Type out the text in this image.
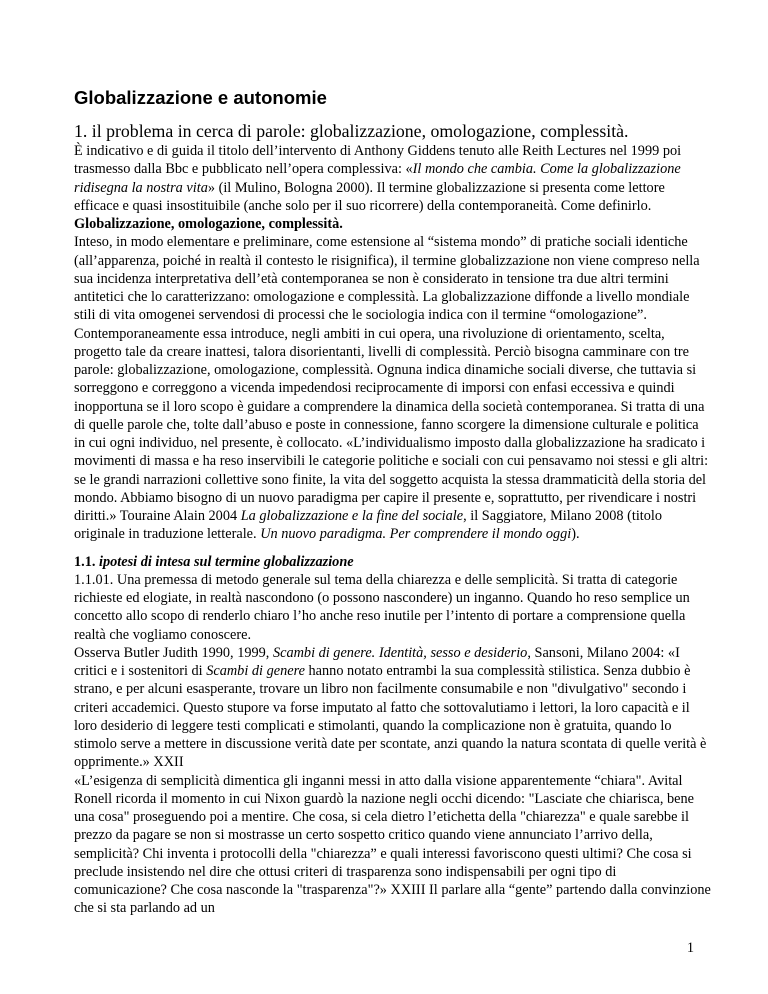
Globalizzazione e autonomie
1. il problema in cerca di parole: globalizzazione, omologazione, complessità.

È indicativo e di guida il titolo dell’intervento di Anthony Giddens tenuto alle Reith Lectures nel 1999 poi trasmesso dalla Bbc e pubblicato nell’opera complessiva: «Il mondo che cambia. Come la globalizzazione ridisegna la nostra vita» (il Mulino, Bologna 2000). Il termine globalizzazione si presenta come lettore efficace e quasi insostituibile (anche solo per il suo ricorrere) della contemporaneità. Come definirlo.

Globalizzazione, omologazione, complessità.

Inteso, in modo elementare e preliminare, come estensione al “sistema mondo” di pratiche sociali identiche (all’apparenza, poiché in realtà il contesto le risignifica), il termine globalizzazione non viene compreso nella sua incidenza interpretativa dell’età contemporanea se non è considerato in tensione tra due altri termini antitetici che lo caratterizzano: omologazione e complessità. La globalizzazione diffonde a livello mondiale stili di vita omogenei servendosi di processi che le sociologia indica con il termine “omologazione”. Contemporaneamente essa introduce, negli ambiti in cui opera, una rivoluzione di orientamento, scelta, progetto tale da creare inattesi, talora disorientanti, livelli di complessità. Perciò bisogna camminare con tre parole: globalizzazione, omologazione, complessità. Ognuna indica dinamiche sociali diverse, che tuttavia si sorreggono e correggono a vicenda impedendosi reciprocamente di imporsi con enfasi eccessiva e quindi inopportuna se il loro scopo è guidare a comprendere la dinamica della società contemporanea. Si tratta di una di quelle parole che, tolte dall’abuso e poste in connessione, fanno scorgere la dimensione culturale e politica in cui ogni individuo, nel presente, è collocato. «L’individualismo imposto dalla globalizzazione ha sradicato i movimenti di massa e ha reso inservibili le categorie politiche e sociali con cui pensavamo noi stessi e gli altri: se le grandi narrazioni collettive sono finite, la vita del soggetto acquista la stessa drammaticità della storia del mondo. Abbiamo bisogno di un nuovo paradigma per capire il presente e, soprattutto, per rivendicare i nostri diritti.» Touraine Alain 2004 La globalizzazione e la fine del sociale, il Saggiatore, Milano 2008 (titolo originale in traduzione letterale. Un nuovo paradigma. Per comprendere il mondo oggi).

1.1. ipotesi di intesa sul termine globalizzazione

1.1.01. Una premessa di metodo generale sul tema della chiarezza e delle semplicità. Si tratta di categorie richieste ed elogiate, in realtà nascondono (o possono nascondere) un inganno. Quando ho reso semplice un concetto allo scopo di renderlo chiaro l’ho anche reso inutile per l’intento di portare a comprensione quella realtà che vogliamo conoscere.

Osserva Butler Judith 1990, 1999, Scambi di genere. Identità, sesso e desiderio, Sansoni, Milano 2004: «I critici e i sostenitori di Scambi di genere hanno notato entrambi la sua complessità stilistica. Senza dubbio è strano, e per alcuni esasperante, trovare un libro non facilmente consumabile e non "divulgativo" secondo i criteri accademici. Questo stupore va forse imputato al fatto che sottovalutiamo i lettori, la loro capacità e il loro desiderio di leggere testi complicati e stimolanti, quando la complicazione non è gratuita, quando lo stimolo serve a mettere in discussione verità date per scontate, anzi quando la natura scontata di quelle verità è opprimente.» XXII

«L’esigenza di semplicità dimentica gli inganni messi in atto dalla visione apparentemente “chiara". Avital Ronell ricorda il momento in cui Nixon guardò la nazione negli occhi dicendo: "Lasciate che chiarisca, bene una cosa" proseguendo poi a mentire. Che cosa, si cela dietro l’etichetta della "chiarezza" e quale sarebbe il prezzo da pagare se non si mostrasse un certo sospetto critico quando viene annunciato l’arrivo della, semplicità? Chi inventa i protocolli della "chiarezza” e quali interessi favoriscono questi ultimi? Che cosa si preclude insistendo nel dire che ottusi criteri di trasparenza sono indispensabili per ogni tipo di comunicazione? Che cosa nasconde la "trasparenza"?» XXIII Il parlare alla “gente” partendo dalla convinzione che si sta parlando ad un

1
